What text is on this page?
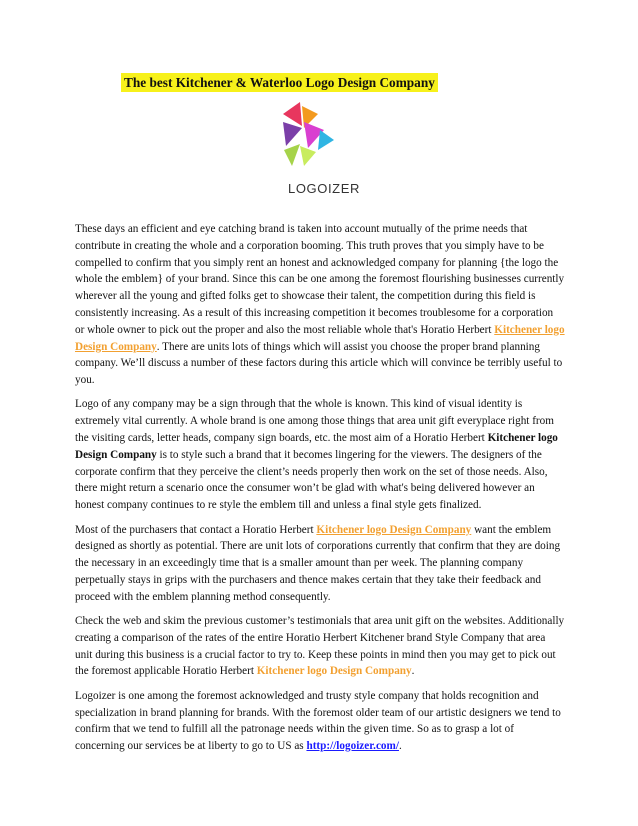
The best Kitchener & Waterloo Logo Design Company
LOGOIZER

These days an efficient and eye catching brand is taken into account mutually of the prime needs that contribute in creating the whole and a corporation booming. This truth proves that you simply have to be compelled to confirm that you simply rent an honest and acknowledged company for planning {the logo the whole the emblem} of your brand. Since this can be one among the foremost flourishing businesses currently wherever all the young and gifted folks get to showcase their talent, the competition during this field is consistently increasing. As a result of this increasing competition it becomes troublesome for a corporation or whole owner to pick out the proper and also the most reliable whole that's Horatio Herbert Kitchener logo Design Company. There are units lots of things which will assist you choose the proper brand planning company. We’ll discuss a number of these factors during this article which will convince be terribly useful to you.

Logo of any company may be a sign through that the whole is known. This kind of visual identity is extremely vital currently. A whole brand is one among those things that area unit gift everyplace right from the visiting cards, letter heads, company sign boards, etc. the most aim of a Horatio Herbert Kitchener logo Design Company is to style such a brand that it becomes lingering for the viewers. The designers of the corporate confirm that they perceive the client’s needs properly then work on the set of those needs. Also, there might return a scenario once the consumer won’t be glad with what's being delivered however an honest company continues to re style the emblem till and unless a final style gets finalized.

Most of the purchasers that contact a Horatio Herbert Kitchener logo Design Company want the emblem designed as shortly as potential. There are unit lots of corporations currently that confirm that they are doing the necessary in an exceedingly time that is a smaller amount than per week. The planning company perpetually stays in grips with the purchasers and thence makes certain that they take their feedback and proceed with the emblem planning method consequently.

Check the web and skim the previous customer’s testimonials that area unit gift on the websites. Additionally creating a comparison of the rates of the entire Horatio Herbert Kitchener brand Style Company that area unit during this business is a crucial factor to try to. Keep these points in mind then you may get to pick out the foremost applicable Horatio Herbert Kitchener logo Design Company.

Logoizer is one among the foremost acknowledged and trusty style company that holds recognition and specialization in brand planning for brands. With the foremost older team of our artistic designers we tend to confirm that we tend to fulfill all the patronage needs within the given time. So as to grasp a lot of concerning our services be at liberty to go to US as http://logoizer.com/.
